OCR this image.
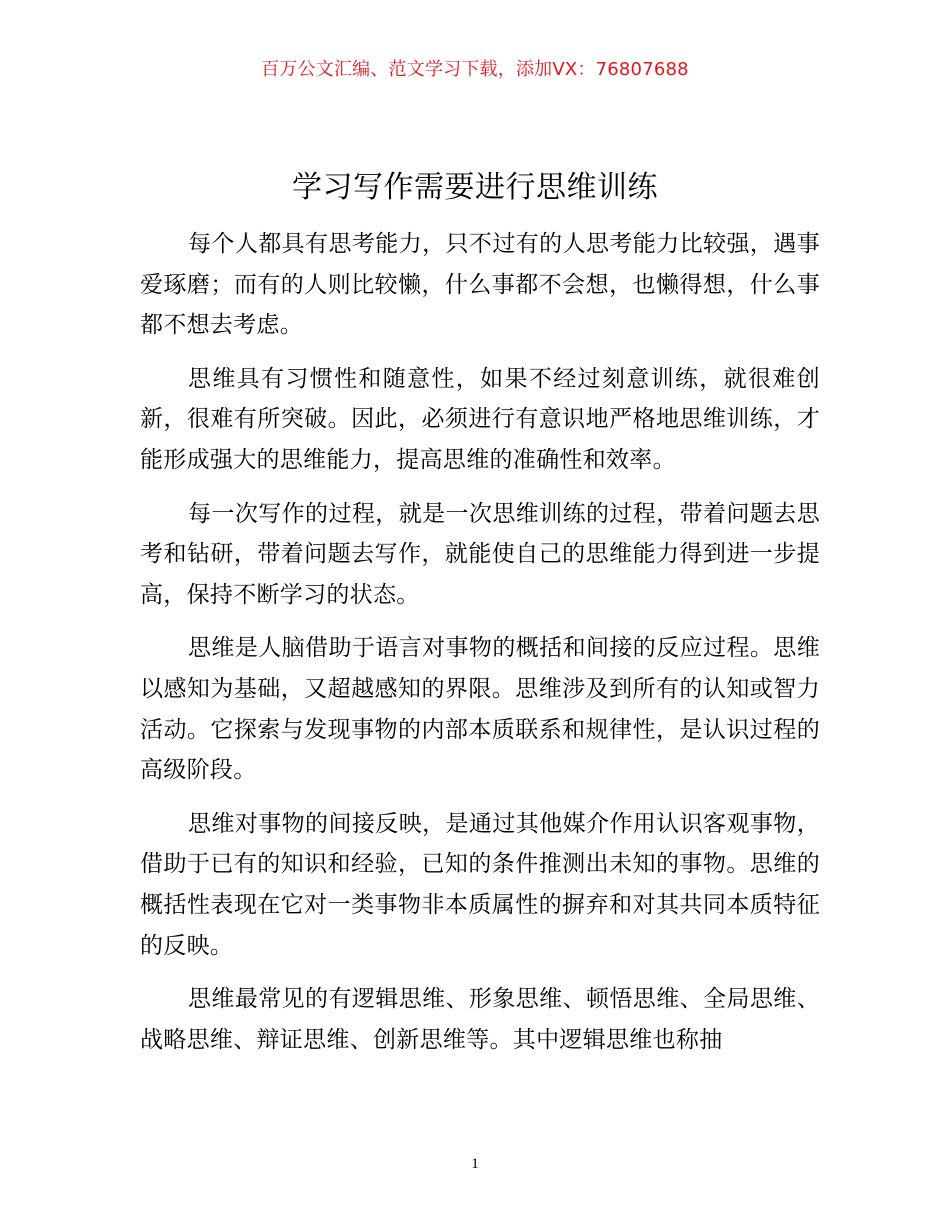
百万公文汇编、范文学习下载，添加VX：76807688
学习写作需要进行思维训练

每个人都具有思考能力，只不过有的人思考能力比较强，遇事爱琢磨；而有的人则比较懒，什么事都不会想，也懒得想，什么事都不想去考虑。

思维具有习惯性和随意性，如果不经过刻意训练，就很难创新，很难有所突破。因此，必须进行有意识地严格地思维训练，才能形成强大的思维能力，提高思维的准确性和效率。

每一次写作的过程，就是一次思维训练的过程，带着问题去思考和钻研，带着问题去写作，就能使自己的思维能力得到进一步提高，保持不断学习的状态。

思维是人脑借助于语言对事物的概括和间接的反应过程。思维以感知为基础，又超越感知的界限。思维涉及到所有的认知或智力活动。它探索与发现事物的内部本质联系和规律性，是认识过程的高级阶段。

思维对事物的间接反映，是通过其他媒介作用认识客观事物，借助于已有的知识和经验，已知的条件推测出未知的事物。思维的概括性表现在它对一类事物非本质属性的摒弃和对其共同本质特征的反映。

思维最常见的有逻辑思维、形象思维、顿悟思维、全局思维、战略思维、辩证思维、创新思维等。其中逻辑思维也称抽

1
